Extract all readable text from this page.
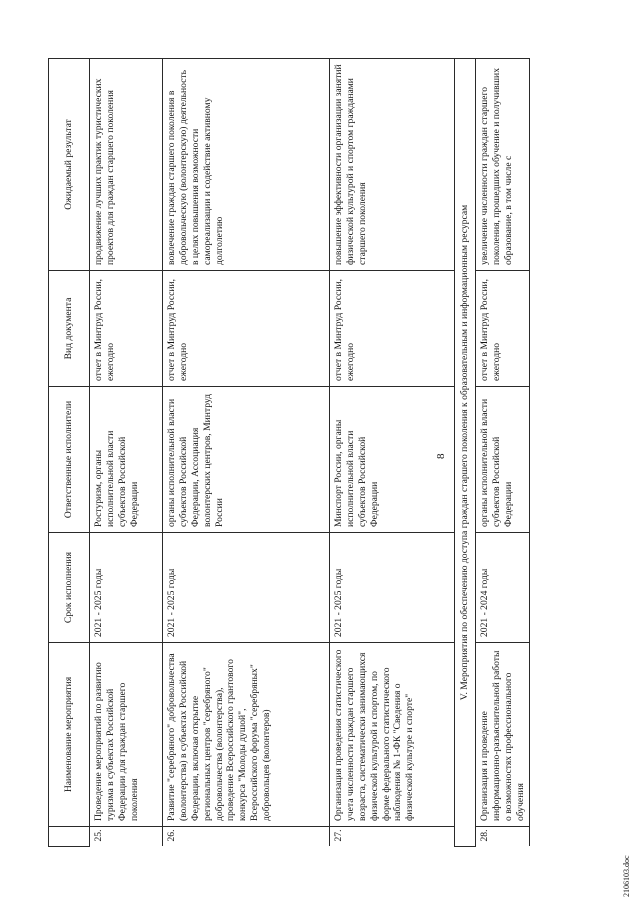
8
2106103.doc
	Наименование мероприятия	Срок исполнения	Ответственные исполнители	Вид документа	Ожидаемый результат
25.	Проведение мероприятий по развитию туризма в субъектах Российской Федерации для граждан старшего поколения	2021 - 2025 годы	Ростуризм, органы исполнительной власти субъектов Российской Федерации	отчет в Минтруд России, ежегодно	продвижение лучших практик туристических проектов для граждан старшего поколения
26.	Развитие "серебряного" добровольчества (волонтерства) в субъектах Российской Федерации, включая открытие региональных центров "серебряного" добровольчества (волонтерства), проведение Всероссийского грантового конкурса "Молоды душой", Всероссийского форума "серебряных" добровольцев (волонтеров)	2021 - 2025 годы	органы исполнительной власти субъектов Российской Федерации, Ассоциация волонтерских центров, Минтруд России	отчет в Минтруд России, ежегодно	вовлечение граждан старшего поколения в добровольческую (волонтерскую) деятельность в целях повышения возможности самореализации и содействие активному долголетию
27.	Организация проведения статистического учета численности граждан старшего возраста, систематически занимающихся физической культурой и спортом, по форме федерального статистического наблюдения № 1-ФК "Сведения о физической культуре и спорте"	2021 - 2025 годы	Минспорт России, органы исполнительной власти субъектов Российской Федерации	отчет в Минтруд России, ежегодно	повышение эффективности организации занятий физической культурой и спортом гражданами старшего поколения
V. Мероприятия по обеспечению доступа граждан старшего поколения к образовательным и информационным ресурсам					
28.	Организация и проведение информационно-разъяснительной работы о возможностях профессионального обучения	2021 - 2024 годы	органы исполнительной власти субъектов Российской Федерации	отчет в Минтруд России, ежегодно	увеличение численности граждан старшего поколения, прошедших обучение и получивших образование, в том числе с
